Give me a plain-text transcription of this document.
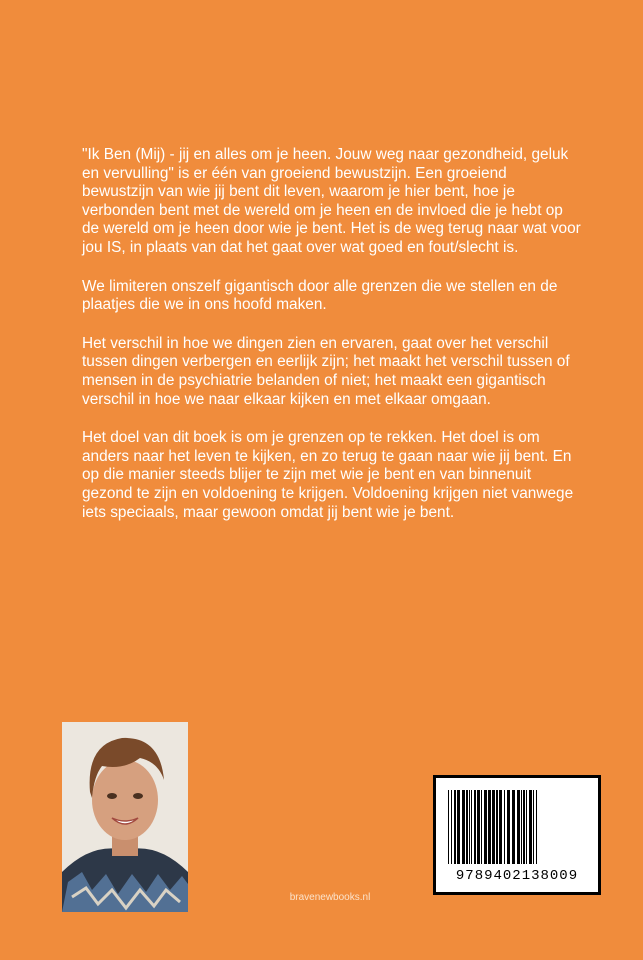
"Ik Ben (Mij) - jij en alles om je heen. Jouw weg naar gezondheid, geluk en vervulling" is er één van groeiend bewustzijn. Een groeiend bewustzijn van wie jij bent dit leven, waarom je hier bent, hoe je verbonden bent met de wereld om je heen en de invloed die je hebt op de wereld om je heen door wie je bent. Het is de weg terug naar wat voor jou IS, in plaats van dat het gaat over wat goed en fout/slecht is.

We limiteren onszelf gigantisch door alle grenzen die we stellen en de plaatjes die we in ons hoofd maken.

Het verschil in hoe we dingen zien en ervaren, gaat over het verschil tussen dingen verbergen en eerlijk zijn; het maakt het verschil tussen of mensen in de psychiatrie belanden of niet; het maakt een gigantisch verschil in hoe we naar elkaar kijken en met elkaar omgaan.

Het doel van dit boek is om je grenzen op te rekken. Het doel is om anders naar het leven te kijken, en zo terug te gaan naar wie jij bent. En op die manier steeds blijer te zijn met wie je bent en van binnenuit gezond te zijn en voldoening te krijgen. Voldoening krijgen niet vanwege iets speciaals, maar gewoon omdat jij bent wie je bent.

bravenewbooks.nl
9789402138009
